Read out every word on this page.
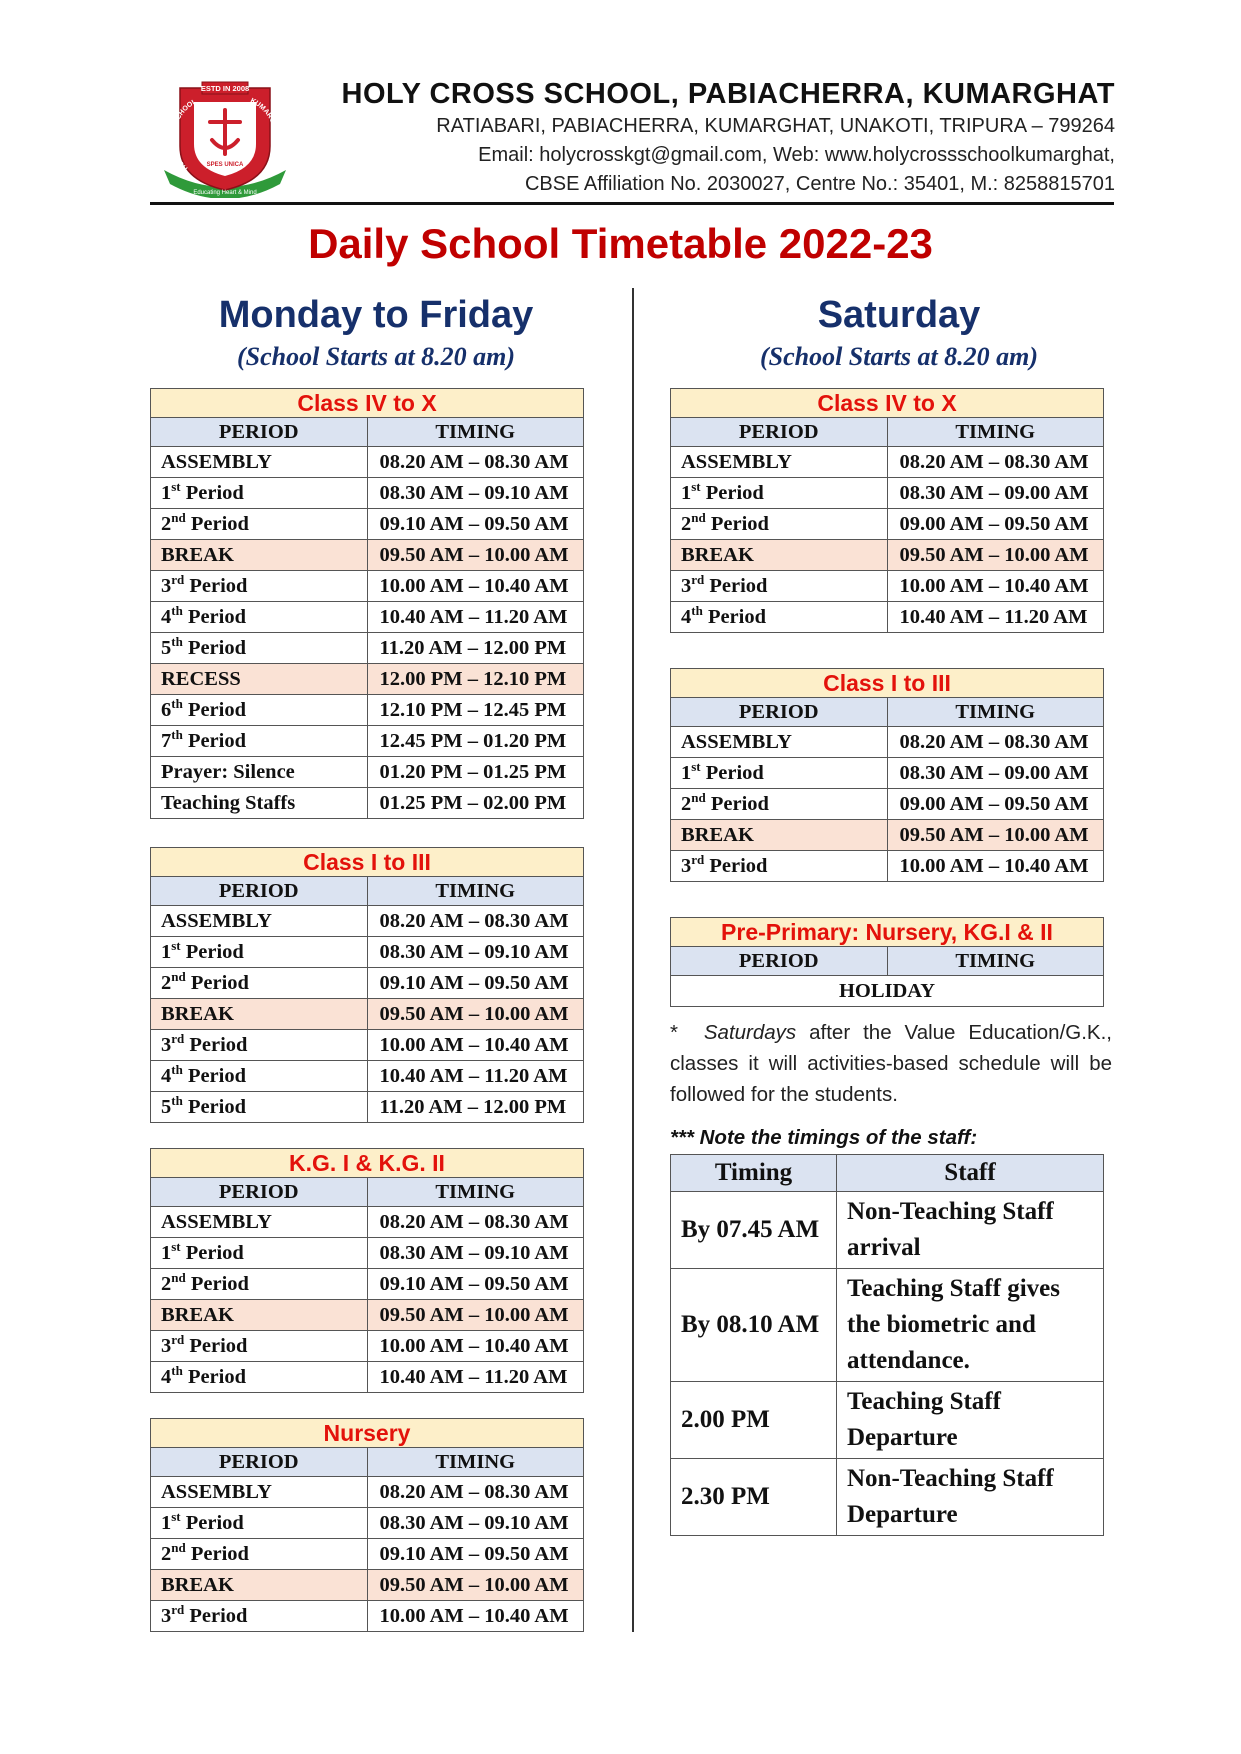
ESTD IN 2008
SPES UNICA
HOLY CROSS SCHOOL	KUMARGHAT
Educating Heart & Mind
HOLY CROSS SCHOOL, PABIACHERRA, KUMARGHAT
RATIABARI, PABIACHERRA, KUMARGHAT, UNAKOTI, TRIPURA – 799264
Email: holycrosskgt@gmail.com, Web: www.holycrossschoolkumarghat,
CBSE Affiliation No. 2030027, Centre No.: 35401, M.: 8258815701
Daily School Timetable 2022-23
Monday to Friday
(School Starts at 8.20 am)
Saturday
(School Starts at 8.20 am)
Class IV to X	
PERIOD	TIMING
ASSEMBLY	08.20 AM – 08.30 AM
1st Period	08.30 AM – 09.10 AM
2nd Period	09.10 AM – 09.50 AM
BREAK	09.50 AM – 10.00 AM
3rd Period	10.00 AM – 10.40 AM
4th Period	10.40 AM – 11.20 AM
5th Period	11.20 AM – 12.00 PM
RECESS	12.00 PM – 12.10 PM
6th Period	12.10 PM – 12.45 PM
7th Period	12.45 PM – 01.20 PM
Prayer: Silence	01.20 PM – 01.25 PM
Teaching Staffs	01.25 PM – 02.00 PM
Class I to III	
PERIOD	TIMING
ASSEMBLY	08.20 AM – 08.30 AM
1st Period	08.30 AM – 09.10 AM
2nd Period	09.10 AM – 09.50 AM
BREAK	09.50 AM – 10.00 AM
3rd Period	10.00 AM – 10.40 AM
4th Period	10.40 AM – 11.20 AM
5th Period	11.20 AM – 12.00 PM
K.G. I & K.G. II	
PERIOD	TIMING
ASSEMBLY	08.20 AM – 08.30 AM
1st Period	08.30 AM – 09.10 AM
2nd Period	09.10 AM – 09.50 AM
BREAK	09.50 AM – 10.00 AM
3rd Period	10.00 AM – 10.40 AM
4th Period	10.40 AM – 11.20 AM
Nursery	
PERIOD	TIMING
ASSEMBLY	08.20 AM – 08.30 AM
1st Period	08.30 AM – 09.10 AM
2nd Period	09.10 AM – 09.50 AM
BREAK	09.50 AM – 10.00 AM
3rd Period	10.00 AM – 10.40 AM
Class IV to X	
PERIOD	TIMING
ASSEMBLY	08.20 AM – 08.30 AM
1st Period	08.30 AM – 09.00 AM
2nd Period	09.00 AM – 09.50 AM
BREAK	09.50 AM – 10.00 AM
3rd Period	10.00 AM – 10.40 AM
4th Period	10.40 AM – 11.20 AM
Class I to III	
PERIOD	TIMING
ASSEMBLY	08.20 AM – 08.30 AM
1st Period	08.30 AM – 09.00 AM
2nd Period	09.00 AM – 09.50 AM
BREAK	09.50 AM – 10.00 AM
3rd Period	10.00 AM – 10.40 AM
Pre-Primary: Nursery, KG.I & II
PERIOD	TIMING
HOLIDAY
* Saturdays after the Value Education/G.K., classes it will activities-based schedule will be followed for the students.
*** Note the timings of the staff:
Timing	Staff
By 07.45 AM	Non-Teaching Staff arrival
By 08.10 AM	Teaching Staff gives the biometric and attendance.
2.00 PM	Teaching Staff Departure
2.30 PM	Non-Teaching Staff Departure
